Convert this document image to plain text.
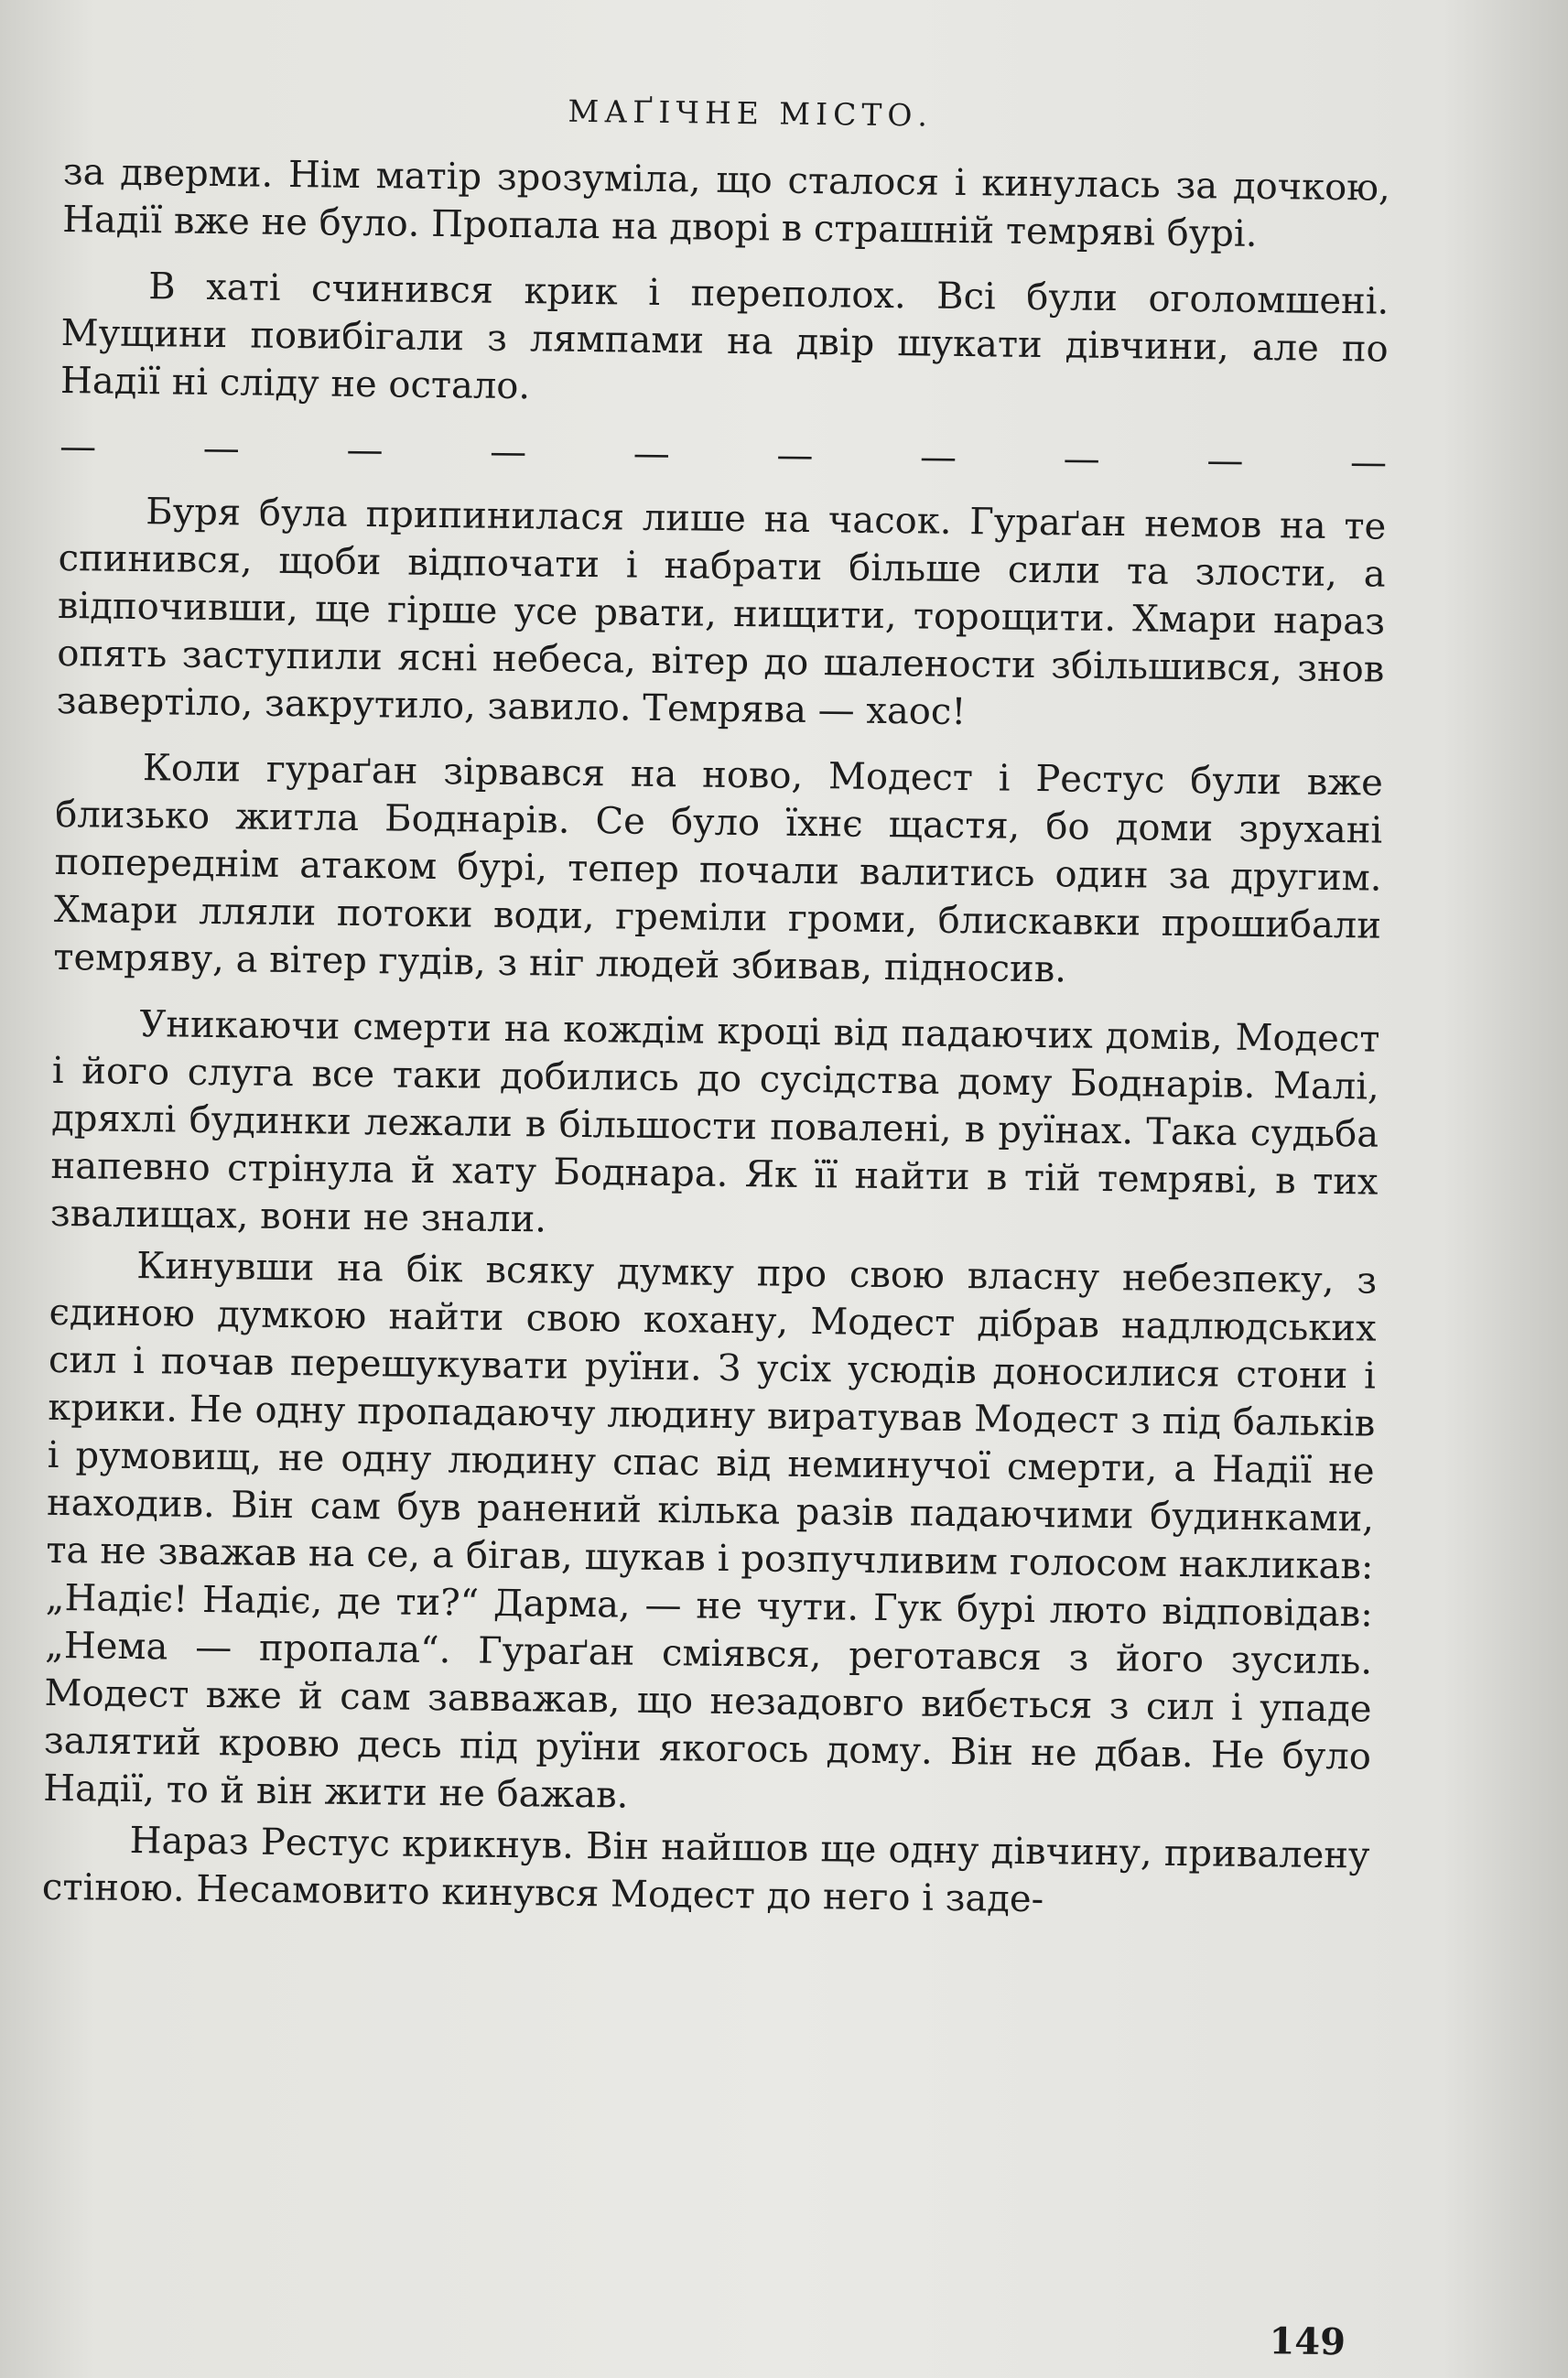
МАҐІЧНЕ МІСТО.

за дверми. Нім матір зрозуміла, що сталося і кинулась за дочкою, Надії вже не було. Пропала на дворі в страшній темряві бурі.

В хаті счинився крик і переполох. Всі були оголомшені. Мущини повибігали з лямпами на двір шукати дівчини, але по Надії ні сліду не остало.

—	—	—	—	—	—	—	—	—	—

Буря була припинилася лише на часок. Гураґан немов на те спинився, щоби відпочати і набрати більше сили та злости, а відпочивши, ще гірше усе рвати, нищити, торощити. Хмари нараз опять заступили ясні небеса, вітер до шалености збільшився, знов завертіло, закрутило, завило. Темрява — хаос!

Коли гураґан зірвався на ново, Модест і Рестус були вже близько житла Боднарів. Се було їхнє щастя, бо доми зрухані попереднім атаком бурі, тепер почали валитись один за другим. Хмари лляли потоки води, греміли громи, блискавки прошибали темряву, а вітер гудів, з ніг людей збивав, підносив.

Уникаючи смерти на кождім кроці від падаючих домів, Модест і його слуга все таки добились до сусідства дому Боднарів. Малі, дряхлі будинки лежали в більшости повалені, в руїнах. Така судьба напевно стрінула й хату Боднара. Як її найти в тій темряві, в тих звалищах, вони не знали.

Кинувши на бік всяку думку про свою власну небезпеку, з єдиною думкою найти свою кохану, Модест дібрав надлюдських сил і почав перешукувати руїни. З усіх усюдів доносилися стони і крики. Не одну пропадаючу людину виратував Модест з під бальків і румовищ, не одну людину спас від неминучої смерти, а Надії не находив. Він сам був ранений кілька разів падаючими будинками, та не зважав на се, а бігав, шукав і розпучливим голосом накликав: „Надіє! Надіє, де ти?“ Дарма, — не чути. Гук бурі люто відповідав: „Нема — пропала“. Гураґан сміявся, реготався з його зусиль. Модест вже й сам завважав, що незадовго вибється з сил і упаде залятий кровю десь під руїни якогось дому. Він не дбав. Не було Надії, то й він жити не бажав.

Нараз Рестус крикнув. Він найшов ще одну дівчину, привалену стіною. Несамовито кинувся Модест до него і заде-

149
